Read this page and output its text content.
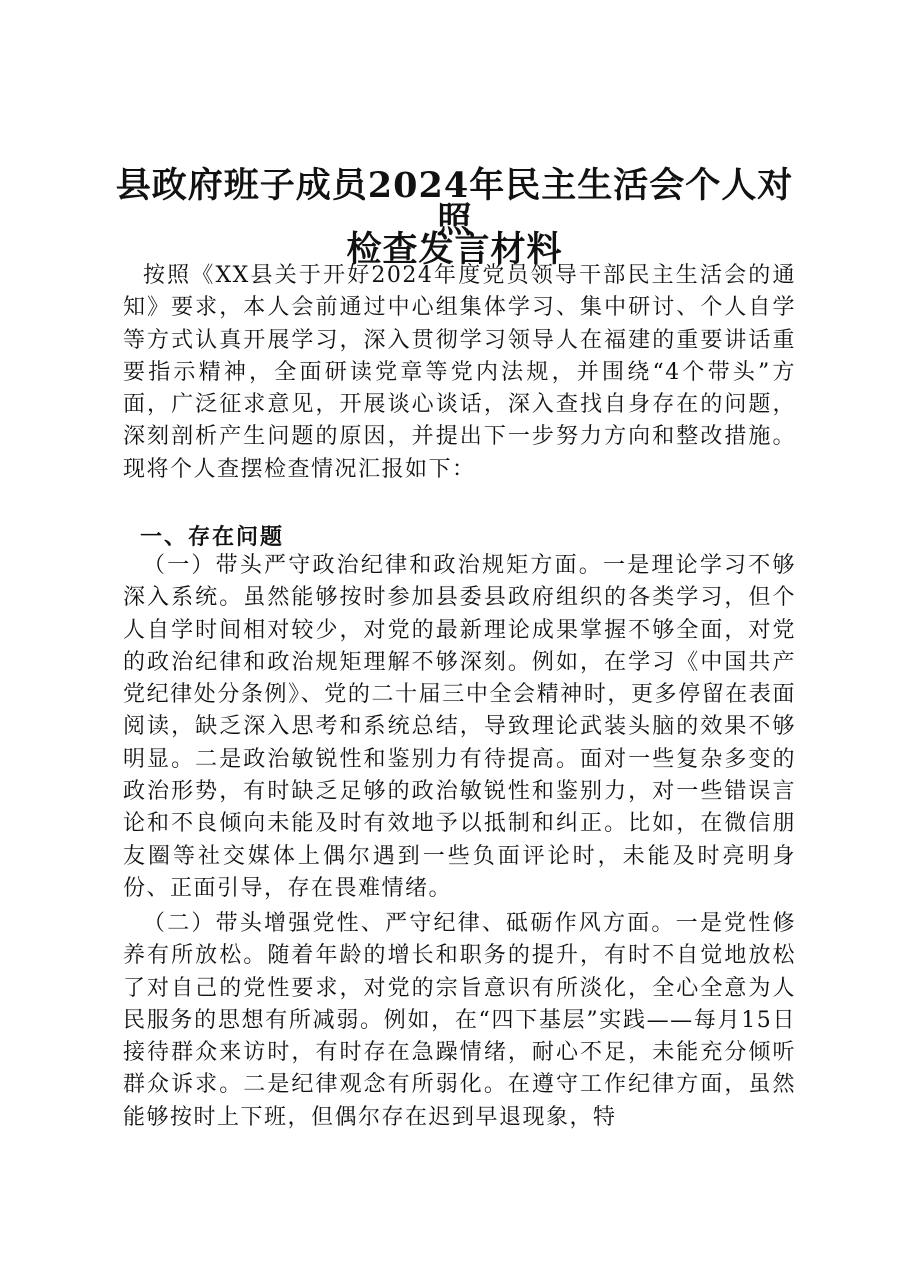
县政府班子成员2024年民主生活会个人对照
检查发言材料

按照《XX县关于开好2024年度党员领导干部民主生活会的通知》要求，本人会前通过中心组集体学习、集中研讨、个人自学等方式认真开展学习，深入贯彻学习领导人在福建的重要讲话重要指示精神，全面研读党章等党内法规，并围绕“4个带头”方面，广泛征求意见，开展谈心谈话，深入查找自身存在的问题，深刻剖析产生问题的原因，并提出下一步努力方向和整改措施。现将个人查摆检查情况汇报如下：

一、存在问题

（一）带头严守政治纪律和政治规矩方面。一是理论学习不够深入系统。虽然能够按时参加县委县政府组织的各类学习，但个人自学时间相对较少，对党的最新理论成果掌握不够全面，对党的政治纪律和政治规矩理解不够深刻。例如，在学习《中国共产党纪律处分条例》、党的二十届三中全会精神时，更多停留在表面阅读，缺乏深入思考和系统总结，导致理论武装头脑的效果不够明显。二是政治敏锐性和鉴别力有待提高。面对一些复杂多变的政治形势，有时缺乏足够的政治敏锐性和鉴别力，对一些错误言论和不良倾向未能及时有效地予以抵制和纠正。比如，在微信朋友圈等社交媒体上偶尔遇到一些负面评论时，未能及时亮明身份、正面引导，存在畏难情绪。

（二）带头增强党性、严守纪律、砥砺作风方面。一是党性修养有所放松。随着年龄的增长和职务的提升，有时不自觉地放松了对自己的党性要求，对党的宗旨意识有所淡化，全心全意为人民服务的思想有所减弱。例如，在“四下基层”实践——每月15日接待群众来访时，有时存在急躁情绪，耐心不足，未能充分倾听群众诉求。二是纪律观念有所弱化。在遵守工作纪律方面，虽然能够按时上下班，但偶尔存在迟到早退现象，特
